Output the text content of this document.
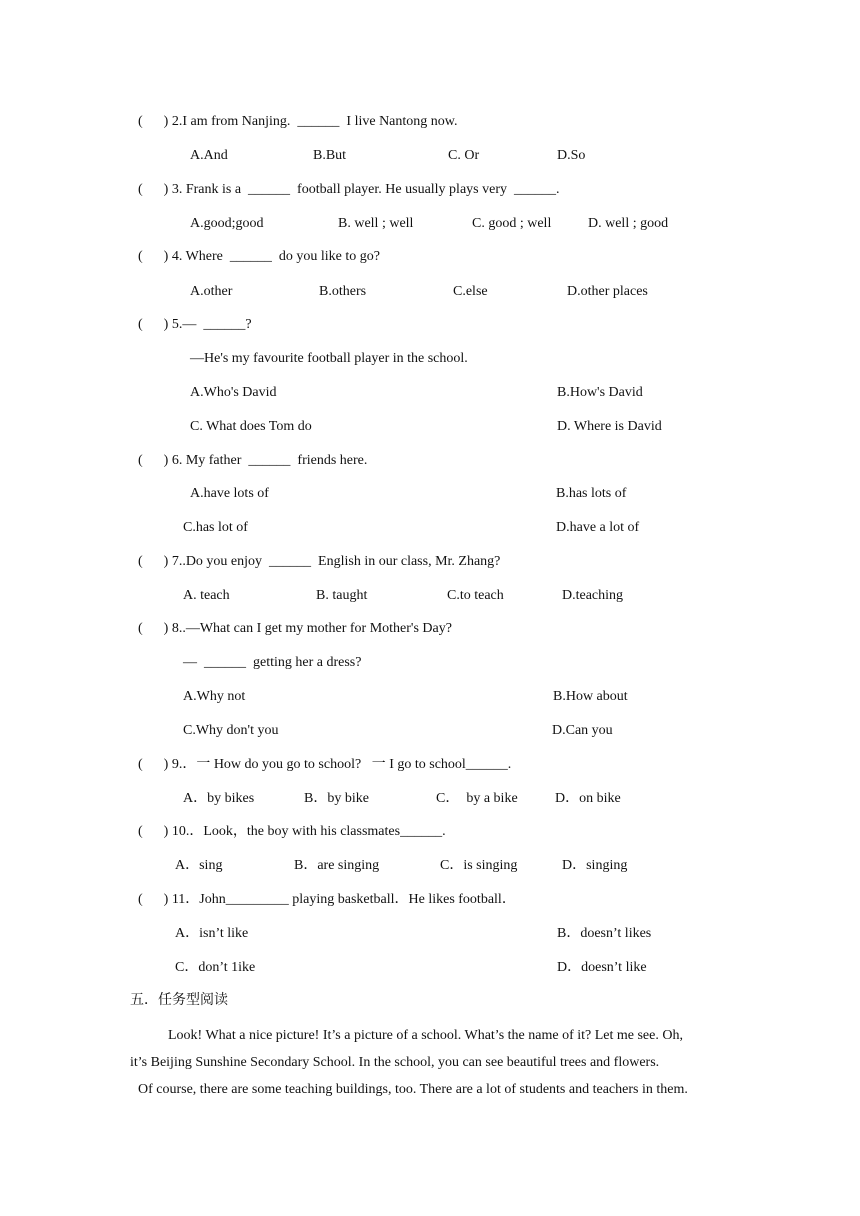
(      ) 2.I am from Nanjing.  ______  I live Nantong now.
A.And	B.But	C. Or	D.So
(      ) 3. Frank is a  ______  football player. He usually plays very  ______.
A.good;good	B. well ; well	C. good ; well	D. well ; good
(      ) 4. Where  ______  do you like to go?
A.other	B.others	C.else	D.other places
(      ) 5.—  ______?
—He's my favourite football player in the school.
A.Who's David	B.How's David
C. What does Tom do	D. Where is David
(      ) 6. My father  ______  friends here.
A.have lots of	B.has lots of
C.has lot of	D.have a lot of
(      ) 7..Do you enjoy  ______  English in our class, Mr. Zhang?
A. teach	B. taught	C.to teach	D.teaching
(      ) 8..—What can I get my mother for Mother's Day?
—  ______  getting her a dress?
A.Why not	B.How about
C.Why don't you	D.Can you
(      ) 9.．一 How do you go to school?   一 I go to school______.
A．by bikes	B．by bike	C．  by a bike	D．on bike
(      ) 10.．Look，the boy with his classmates______.
A．sing	B．are singing	C．is singing	D．singing
(      ) 11．John_________ playing basketball．He likes football．
A．isn’t like	B．doesn’t likes
C．don’t 1ike	D．doesn’t like
五．任务型阅读
Look! What a nice picture! It’s a picture of a school. What’s the name of it? Let me see. Oh,
it’s Beijing Sunshine Secondary School. In the school, you can see beautiful trees and flowers.
Of course, there are some teaching buildings, too. There are a lot of students and teachers in them.
